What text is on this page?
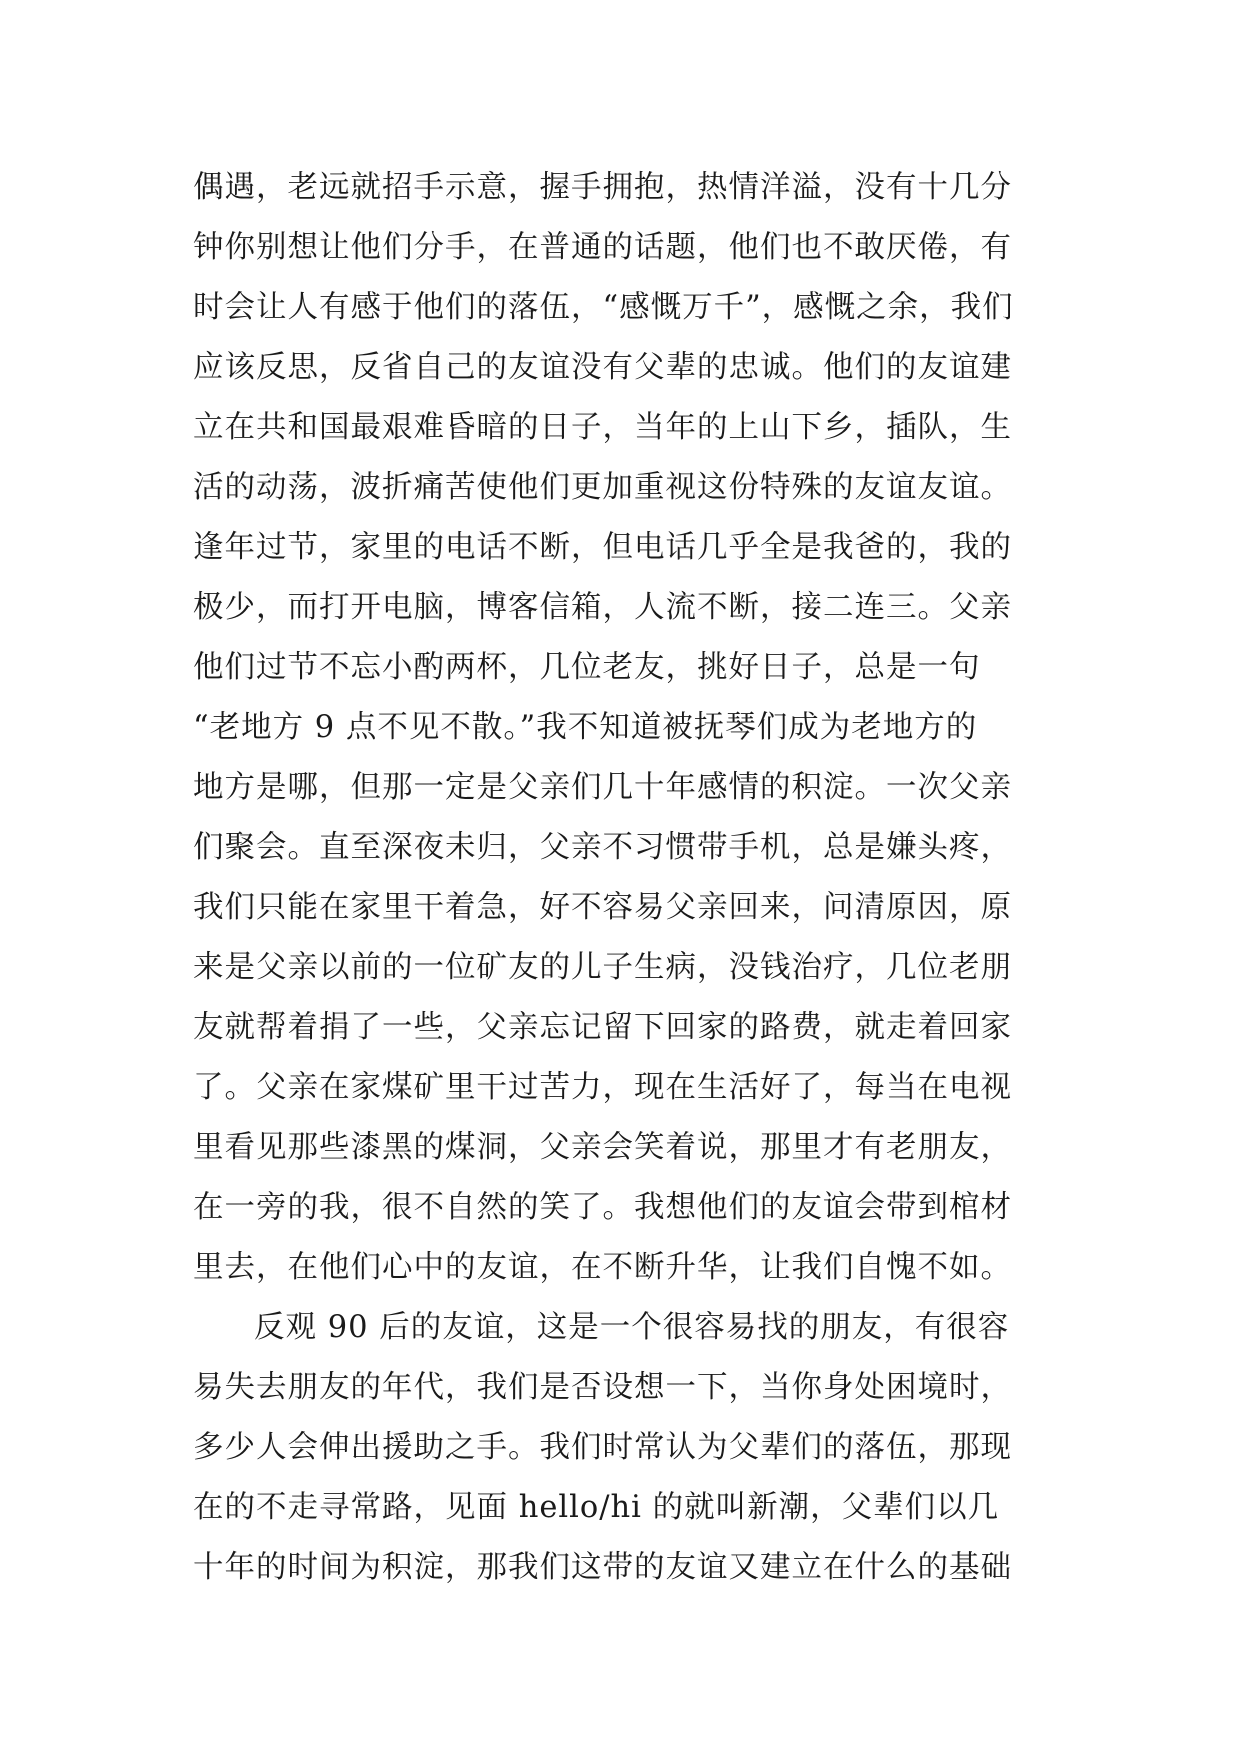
偶遇，老远就招手示意，握手拥抱，热情洋溢，没有十几分
钟你别想让他们分手，在普通的话题，他们也不敢厌倦，有
时会让人有感于他们的落伍，“感慨万千”，感慨之余，我们
应该反思，反省自己的友谊没有父辈的忠诚。他们的友谊建
立在共和国最艰难昏暗的日子，当年的上山下乡，插队，生
活的动荡，波折痛苦使他们更加重视这份特殊的友谊友谊。
逢年过节，家里的电话不断，但电话几乎全是我爸的，我的
极少，而打开电脑，博客信箱，人流不断，接二连三。父亲
他们过节不忘小酌两杯，几位老友，挑好日子，总是一句
“老地方 9 点不见不散。”我不知道被抚琴们成为老地方的
地方是哪，但那一定是父亲们几十年感情的积淀。一次父亲
们聚会。直至深夜未归，父亲不习惯带手机，总是嫌头疼，
我们只能在家里干着急，好不容易父亲回来，问清原因，原
来是父亲以前的一位矿友的儿子生病，没钱治疗，几位老朋
友就帮着捐了一些，父亲忘记留下回家的路费，就走着回家
了。父亲在家煤矿里干过苦力，现在生活好了，每当在电视
里看见那些漆黑的煤洞，父亲会笑着说，那里才有老朋友，
在一旁的我，很不自然的笑了。我想他们的友谊会带到棺材
里去，在他们心中的友谊，在不断升华，让我们自愧不如。
反观 90 后的友谊，这是一个很容易找的朋友，有很容
易失去朋友的年代，我们是否设想一下，当你身处困境时，
多少人会伸出援助之手。我们时常认为父辈们的落伍，那现
在的不走寻常路，见面 hello/hi 的就叫新潮，父辈们以几
十年的时间为积淀，那我们这带的友谊又建立在什么的基础
